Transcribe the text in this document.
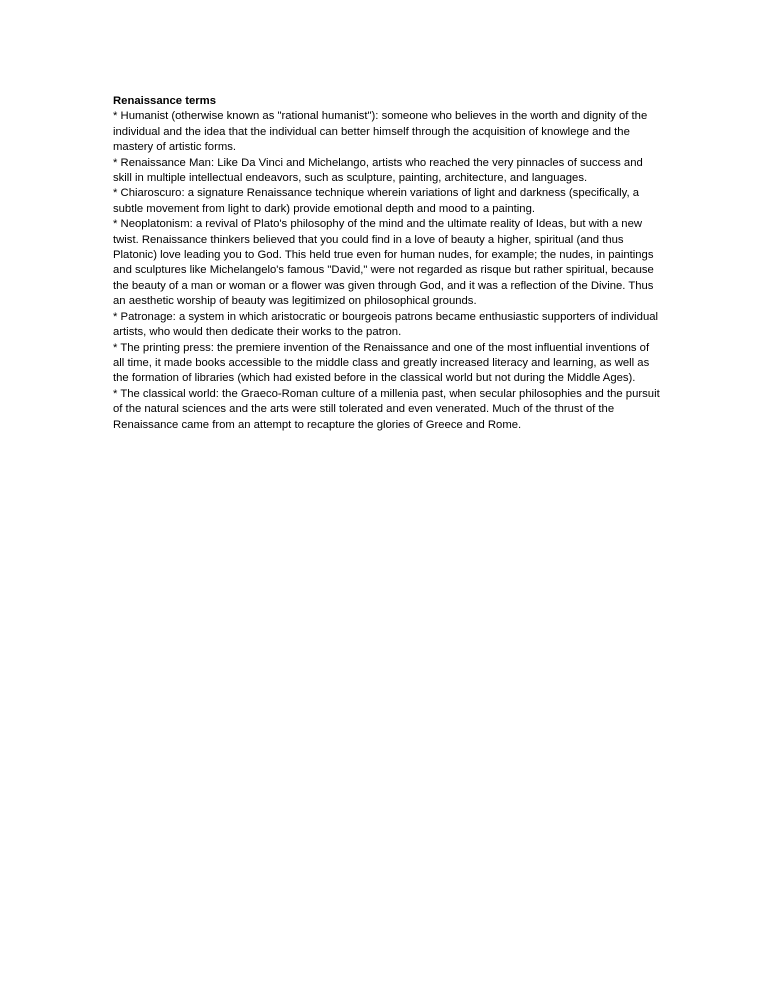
Renaissance terms

* Humanist (otherwise known as "rational humanist"): someone who believes in the worth and dignity of the individual and the idea that the individual can better himself through the acquisition of knowlege and the mastery of artistic forms.

* Renaissance Man: Like Da Vinci and Michelango, artists who reached the very pinnacles of success and skill in multiple intellectual endeavors, such as sculpture, painting, architecture, and languages.

* Chiaroscuro: a signature Renaissance technique wherein variations of light and darkness (specifically, a subtle movement from light to dark) provide emotional depth and mood to a painting.

* Neoplatonism: a revival of Plato's philosophy of the mind and the ultimate reality of Ideas, but with a new twist. Renaissance thinkers believed that you could find in a love of beauty a higher, spiritual (and thus Platonic) love leading you to God. This held true even for human nudes, for example; the nudes, in paintings and sculptures like Michelangelo's famous "David," were not regarded as risque but rather spiritual, because the beauty of a man or woman or a flower was given through God, and it was a reflection of the Divine. Thus an aesthetic worship of beauty was legitimized on philosophical grounds.

* Patronage: a system in which aristocratic or bourgeois patrons became enthusiastic supporters of individual artists, who would then dedicate their works to the patron.

* The printing press: the premiere invention of the Renaissance and one of the most influential inventions of all time, it made books accessible to the middle class and greatly increased literacy and learning, as well as the formation of libraries (which had existed before in the classical world but not during the Middle Ages).

* The classical world: the Graeco-Roman culture of a millenia past, when secular philosophies and the pursuit of the natural sciences and the arts were still tolerated and even venerated. Much of the thrust of the Renaissance came from an attempt to recapture the glories of Greece and Rome.
